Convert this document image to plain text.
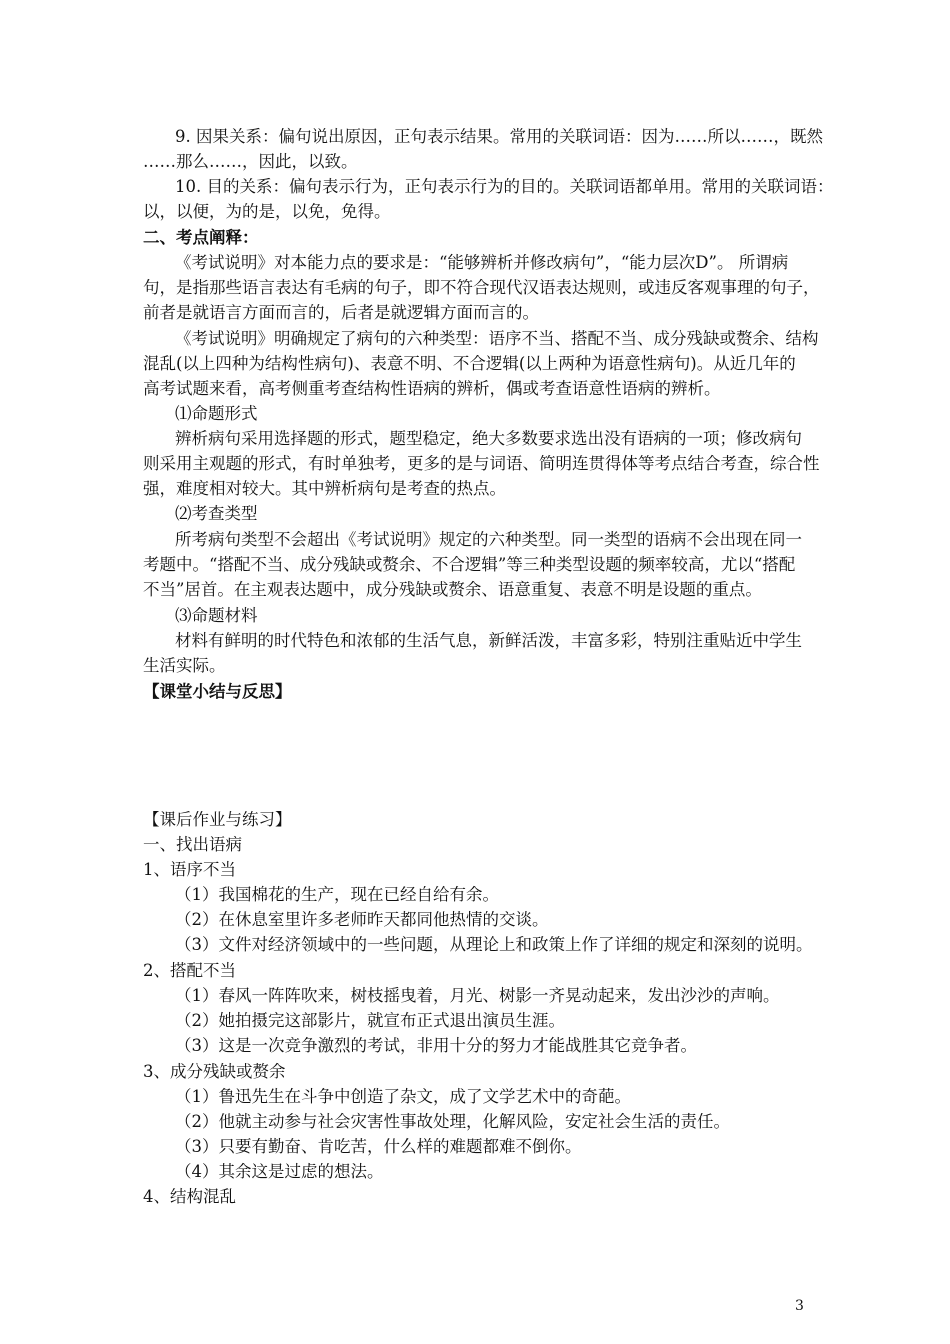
9. 因果关系：偏句说出原因，正句表示结果。常用的关联词语：因为……所以……，既然

……那么……，因此，以致。

10. 目的关系：偏句表示行为，正句表示行为的目的。关联词语都单用。常用的关联词语：

以，以便，为的是，以免，免得。

二、考点阐释：

《考试说明》对本能力点的要求是：“能够辨析并修改病句”，“能力层次D”。 所谓病

句，是指那些语言表达有毛病的句子，即不符合现代汉语表达规则，或违反客观事理的句子，

前者是就语言方面而言的，后者是就逻辑方面而言的。

《考试说明》明确规定了病句的六种类型：语序不当、搭配不当、成分残缺或赘余、结构

混乱(以上四种为结构性病句)、表意不明、不合逻辑(以上两种为语意性病句)。从近几年的

高考试题来看，高考侧重考查结构性语病的辨析，偶或考查语意性语病的辨析。

⑴命题形式

辨析病句采用选择题的形式，题型稳定，绝大多数要求选出没有语病的一项；修改病句

则采用主观题的形式，有时单独考，更多的是与词语、简明连贯得体等考点结合考查，综合性

强，难度相对较大。其中辨析病句是考查的热点。

⑵考查类型

所考病句类型不会超出《考试说明》规定的六种类型。同一类型的语病不会出现在同一

考题中。“搭配不当、成分残缺或赘余、不合逻辑”等三种类型设题的频率较高，尤以“搭配

不当”居首。在主观表达题中，成分残缺或赘余、语意重复、表意不明是设题的重点。

⑶命题材料

材料有鲜明的时代特色和浓郁的生活气息，新鲜活泼，丰富多彩，特别注重贴近中学生

生活实际。

【课堂小结与反思】

【课后作业与练习】

一、找出语病

1、语序不当

（1）我国棉花的生产，现在已经自给有余。

（2）在休息室里许多老师昨天都同他热情的交谈。

（3）文件对经济领域中的一些问题，从理论上和政策上作了详细的规定和深刻的说明。

2、搭配不当

（1）春风一阵阵吹来，树枝摇曳着，月光、树影一齐晃动起来，发出沙沙的声响。

（2）她拍摄完这部影片，就宣布正式退出演员生涯。

（3）这是一次竞争激烈的考试，非用十分的努力才能战胜其它竞争者。

3、成分残缺或赘余

（1）鲁迅先生在斗争中创造了杂文，成了文学艺术中的奇葩。

（2）他就主动参与社会灾害性事故处理，化解风险，安定社会生活的责任。

（3）只要有勤奋、肯吃苦，什么样的难题都难不倒你。

（4）其余这是过虑的想法。

4、结构混乱

3
